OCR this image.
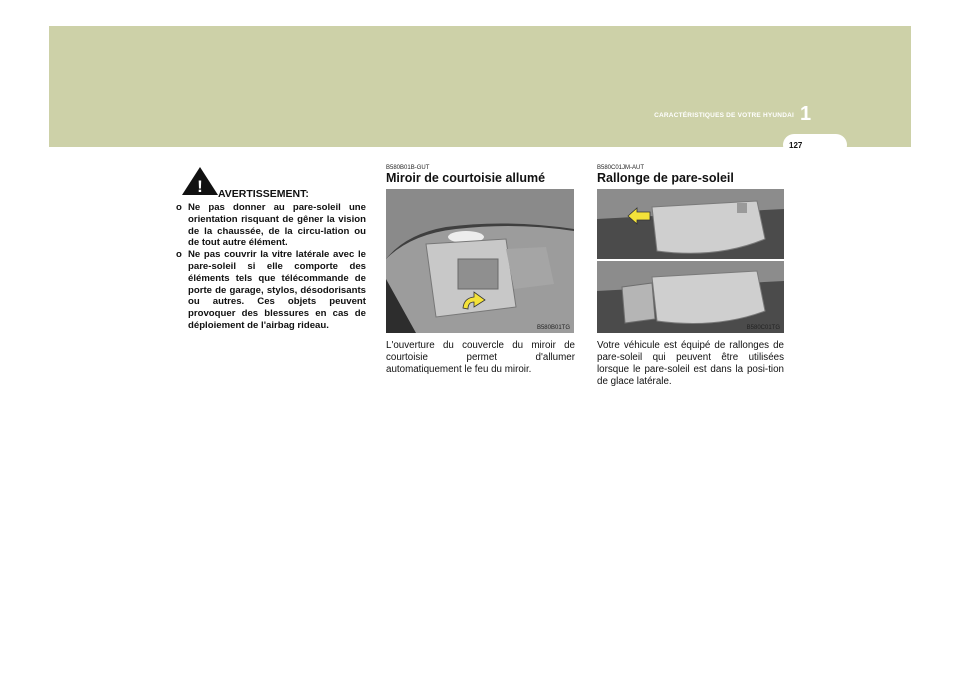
CARACTÉRISTIQUES DE VOTRE HYUNDAI 1
127
! AVERTISSEMENT:
o Ne pas donner au pare-soleil une orientation risquant de gêner la vision de la chaussée, de la circu-lation ou de tout autre élément.
o Ne pas couvrir la vitre latérale avec le pare-soleil si elle comporte des éléments tels que télécommande de porte de garage, stylos, désodorisants ou autres. Ces objets peuvent provoquer des blessures en cas de déploiement de l'airbag rideau.
B580B01B-GUT
Miroir de courtoisie allumé
B580B01TG
L'ouverture du couvercle du miroir de courtoisie permet d'allumer automatiquement le feu du miroir.
B580C01JM-AUT
Rallonge de pare-soleil
B580C01TG
Votre véhicule est équipé de rallonges de pare-soleil qui peuvent être utilisées lorsque le pare-soleil est dans la posi-tion de glace latérale.
